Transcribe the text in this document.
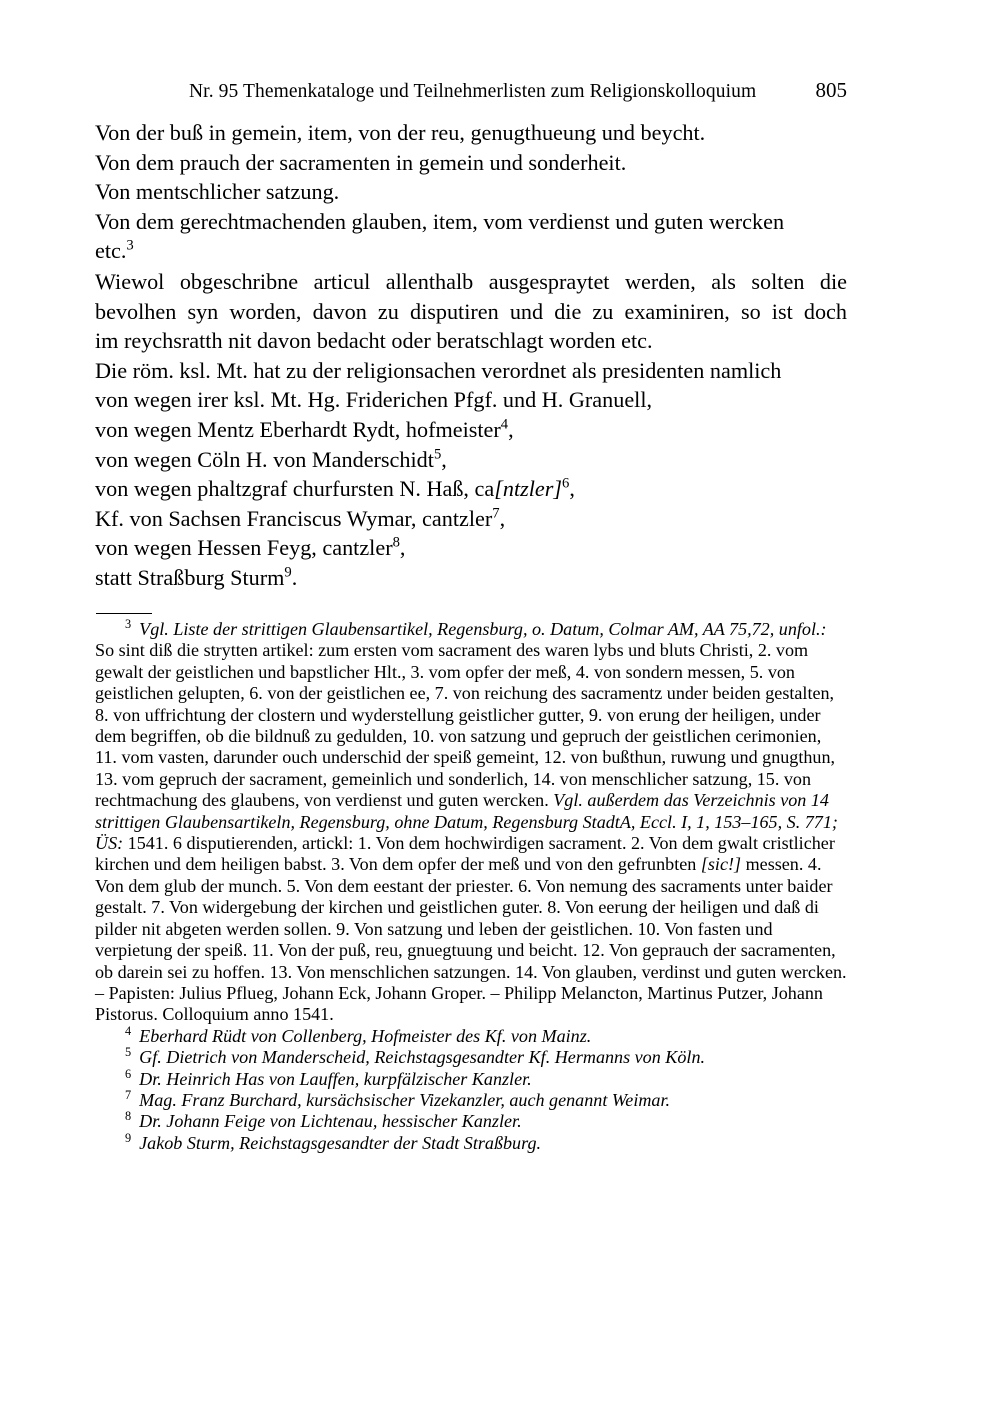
Nr. 95 Themenkataloge und Teilnehmerlisten zum Religionskolloquium	805
Von der buß in gemein, item, von der reu, genugthueung und beycht.
Von dem prauch der sacramenten in gemein und sonderheit.
Von mentschlicher satzung.
Von dem gerechtmachenden glauben, item, vom verdienst und guten wercken
etc.$^3$
Wiewol obgeschribne articul allenthalb ausgespraytet werden, als solten die
bevolhen syn worden, davon zu disputiren und die zu examiniren, so ist doch
im reychsratth nit davon bedacht oder beratschlagt worden etc.
Die röm. ksl. Mt. hat zu der religionsachen verordnet als presidenten namlich
von wegen irer ksl. Mt. Hg. Friderichen Pfgf. und H. Granuell,
von wegen Mentz Eberhardt Rydt, hofmeister$^4$,
von wegen Cöln H. von Manderschidt$^5$,
von wegen phaltzgraf churfursten N. Haß, ca[ntzler]$^6$,
Kf. von Sachsen Franciscus Wymar, cantzler$^7$,
von wegen Hessen Feyg, cantzler$^8$,
statt Straßburg Sturm$^9$.
3 Vgl. Liste der strittigen Glaubensartikel, Regensburg, o. Datum, Colmar AM, AA 75,72, unfol.: So sint diß die strytten artikel: zum ersten vom sacrament des waren lybs und bluts Christi, 2. vom gewalt der geistlichen und bapstlicher Hlt., 3. vom opfer der meß, 4. von sondern messen, 5. von geistlichen gelupten, 6. von der geistlichen ee, 7. von reichung des sacramentz under beiden gestalten, 8. von uffrichtung der clostern und wyderstellung geistlicher gutter, 9. von erung der heiligen, under dem begriffen, ob die bildnuß zu gedulden, 10. von satzung und gepruch der geistlichen cerimonien, 11. vom vasten, darunder ouch underschid der speiß gemeint, 12. von bußthun, ruwung und gnugthun, 13. vom gepruch der sacrament, gemeinlich und sonderlich, 14. von menschlicher satzung, 15. von rechtmachung des glaubens, von verdienst und guten wercken. Vgl. außerdem das Verzeichnis von 14 strittigen Glaubensartikeln, Regensburg, ohne Datum, Regensburg StadtA, Eccl. I, 1, 153–165, S. 771; ÜS: 1541. 6 disputierenden, artickl: 1. Von dem hochwirdigen sacrament. 2. Von dem gwalt cristlicher kirchen und dem heiligen babst. 3. Von dem opfer der meß und von den gefrunbten [sic!] messen. 4. Von dem glub der munch. 5. Von dem eestant der priester. 6. Von nemung des sacraments unter baider gestalt. 7. Von widergebung der kirchen und geistlichen guter. 8. Von eerung der heiligen und daß di pilder nit abgeten werden sollen. 9. Von satzung und leben der geistlichen. 10. Von fasten und verpietung der speiß. 11. Von der puß, reu, gnuegtuung und beicht. 12. Von geprauch der sacramenten, ob darein sei zu hoffen. 13. Von menschlichen satzungen. 14. Von glauben, verdinst und guten wercken. – Papisten: Julius Pflueg, Johann Eck, Johann Groper. – Philipp Melancton, Martinus Putzer, Johann Pistorus. Colloquium anno 1541.
4 Eberhard Rüdt von Collenberg, Hofmeister des Kf. von Mainz.
5 Gf. Dietrich von Manderscheid, Reichstagsgesandter Kf. Hermanns von Köln.
6 Dr. Heinrich Has von Lauffen, kurpfälzischer Kanzler.
7 Mag. Franz Burchard, kursächsischer Vizekanzler, auch genannt Weimar.
8 Dr. Johann Feige von Lichtenau, hessischer Kanzler.
9 Jakob Sturm, Reichstagsgesandter der Stadt Straßburg.
